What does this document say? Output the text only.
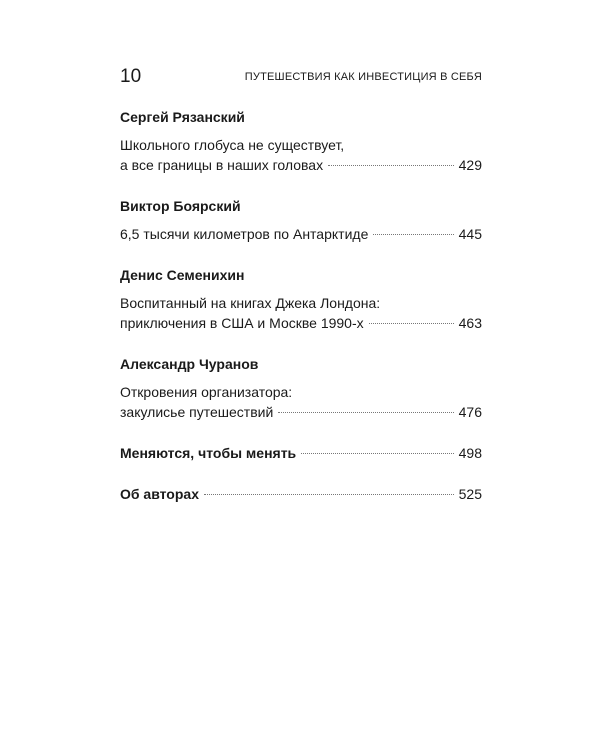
10	ПУТЕШЕСТВИЯ КАК ИНВЕСТИЦИЯ В СЕБЯ
Сергей Рязанский
Школьного глобуса не существует,
а все границы в наших головах	429
Виктор Боярский
6,5 тысячи километров по Антарктиде	445
Денис Семенихин
Воспитанный на книгах Джека Лондона:
приключения в США и Москве 1990-х	463
Александр Чуранов
Откровения организатора:
закулисье путешествий	476
Меняются, чтобы менять	498
Об авторах	525
